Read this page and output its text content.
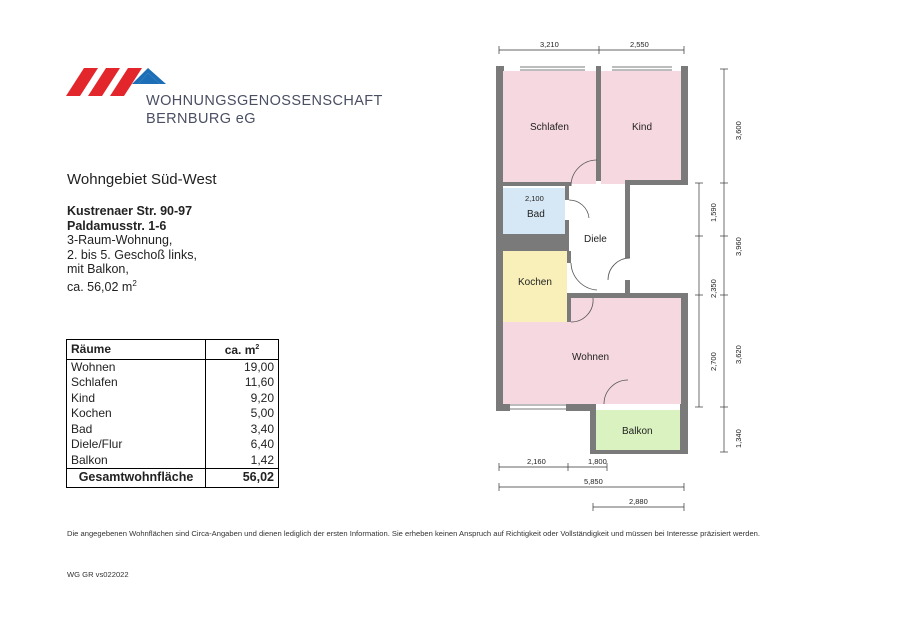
WOHNUNGSGENOSSENSCHAFT
BERNBURG eG
Wohngebiet Süd-West
Kustrenaer Str. 90-97
Paldamusstr. 1-6
3-Raum-Wohnung,
2. bis 5. Geschoß links,
mit Balkon,
ca. 56,02 $m^2$
Räume	ca. $m^2$
Wohnen	19,00
Schlafen	11,60
Kind	9,20
Kochen	5,00
Bad	3,40
Diele/Flur	6,40
Balkon	1,42
Gesamtwohnfläche	56,02
Schlafen	Kind
2,100
Bad
Diele
Kochen
Wohnen
Balkon
3,210	2,550
3,600
1,590
3,960
2,350
3,620
2,700
1,340
2,160	1,800
5,850
2,880
Die angegebenen Wohnflächen sind Circa-Angaben und dienen lediglich der ersten Information. Sie erheben keinen Anspruch auf Richtigkeit oder Vollständigkeit und müssen bei Interesse präzisiert werden.
WG GR vs022022
